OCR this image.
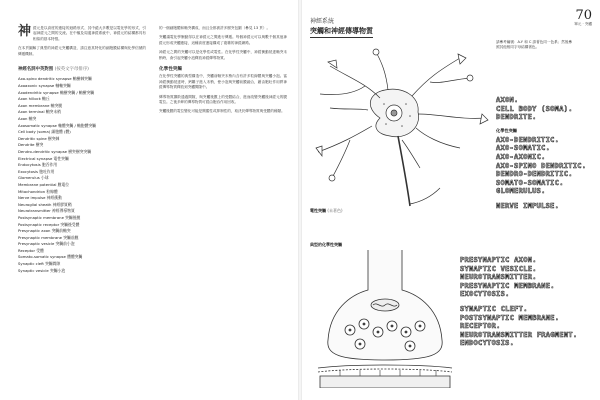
神經元是以高度的連接的迴路形式、其中絕大多數是以電化學的形式，引起神經元之間的交流。在中樞及周邊神經系統中，神經元的結構都具有相似的基本特徵。

在本頁圖解了典型的神經元突觸構造，請注意其特化的細胞膜結構與化學信號的傳遞機制。

神經名詞中英對照 (按英文字母排序)
Axo-spino dendritic synapse 軸樹棘突觸
Axoaxonic synapse 軸軸突觸
Axodendritic synapse 軸樹突觸 / 軸樹突觸
Axon hillock 軸丘
Axon membrane 軸突膜
Axon terminal 軸突末梢
Axon 軸突
Axosomatic synapse 軸體突觸 / 軸胞體突觸
Cell body (soma) 細胞體 (體)
Dendritic spine 樹突棘
Dendrite 樹突
Dendro-dendritic synapse 樹突樹突突觸
Electrical synapse 電性突觸
Endocytosis 胞吞作用
Exocytosis 胞吐作用
Glomerulus 小球
Membrane potential 膜電位
Mitochondrion 粒線體
Nerve impulse 神經衝動
Neuroglial sheath 神經膠質鞘
Neurotransmitter 神經傳導物質
Postsynaptic membrane 突觸後膜
Postsynaptic receptor 突觸後受體
Presynaptic axon 突觸前軸突
Presynaptic membrane 突觸前膜
Presynaptic vesicle 突觸前小泡
Receptor 受體
Somato-somatic synapse 體體突觸
Synaptic cleft 突觸間隙
Synaptic vesicle 突觸小泡

的一個細胞體和軸突構成，而且全都被許多樹突包圍（參見 13 頁）。

突觸讓電化學衝動得以在神經元之間進行傳遞。每個神經元可以與數千個其他神經元形成突觸連接，這種高度連接構成了複雜的神經網路。

神經元之間的突觸可以是化學性或電性。在化學性突觸中，神經衝動抵達軸突末梢時，會引起突觸小泡釋放神經傳導物質。

化學性突觸

在化學性突觸的典型構造中，突觸前軸突末梢內含有許多粒線體與突觸小泡。當神經衝動抵達時，鈣離子進入末梢，使小泡與突觸前膜融合，藉由胞吐作用將神經傳導物質釋放到突觸間隙中。

傳導物質擴散通過間隙，與突觸後膜上的受體結合，進而改變突觸後神經元的膜電位。之後多餘的傳導物質可經由胞吞作用回收。

突觸後膜的電位變化可能是興奮性或抑制性的，取決於傳導物質與受體的種類。

70
單元 · 突觸
神經系統
突觸和神經傳導物質
請參考編號：A-Y 和 C 請著色同一色系；然後參照其他相同字母結構著色。

AXON.

CELL BODY (SOMA).

DENDRITE.

化學性突觸

AXO-DENDRITIC.

AXO-SOMATIC.

AXO-AXONIC.

AXO-SPINO DENDRITIC.

DENDRO-DENDRITIC.

SOMATO-SOMATIC.

GLOMERULUS.

NERVE IMPULSE.

電性突觸 (未著色)
典型的化學性突觸

PRESYNAPTIC AXON.

SYNAPTIC VESICLE.

NEUROTRANSMITTER.

PRESYNAPTIC MEMBRANE.

EXOCYTOSIS.

SYNAPTIC CLEFT.

POSTSYNAPTIC MEMBRANE.

RECEPTOR.

NEUROTRANSMITTER FRAGMENT.

ENDOCYTOSIS.
